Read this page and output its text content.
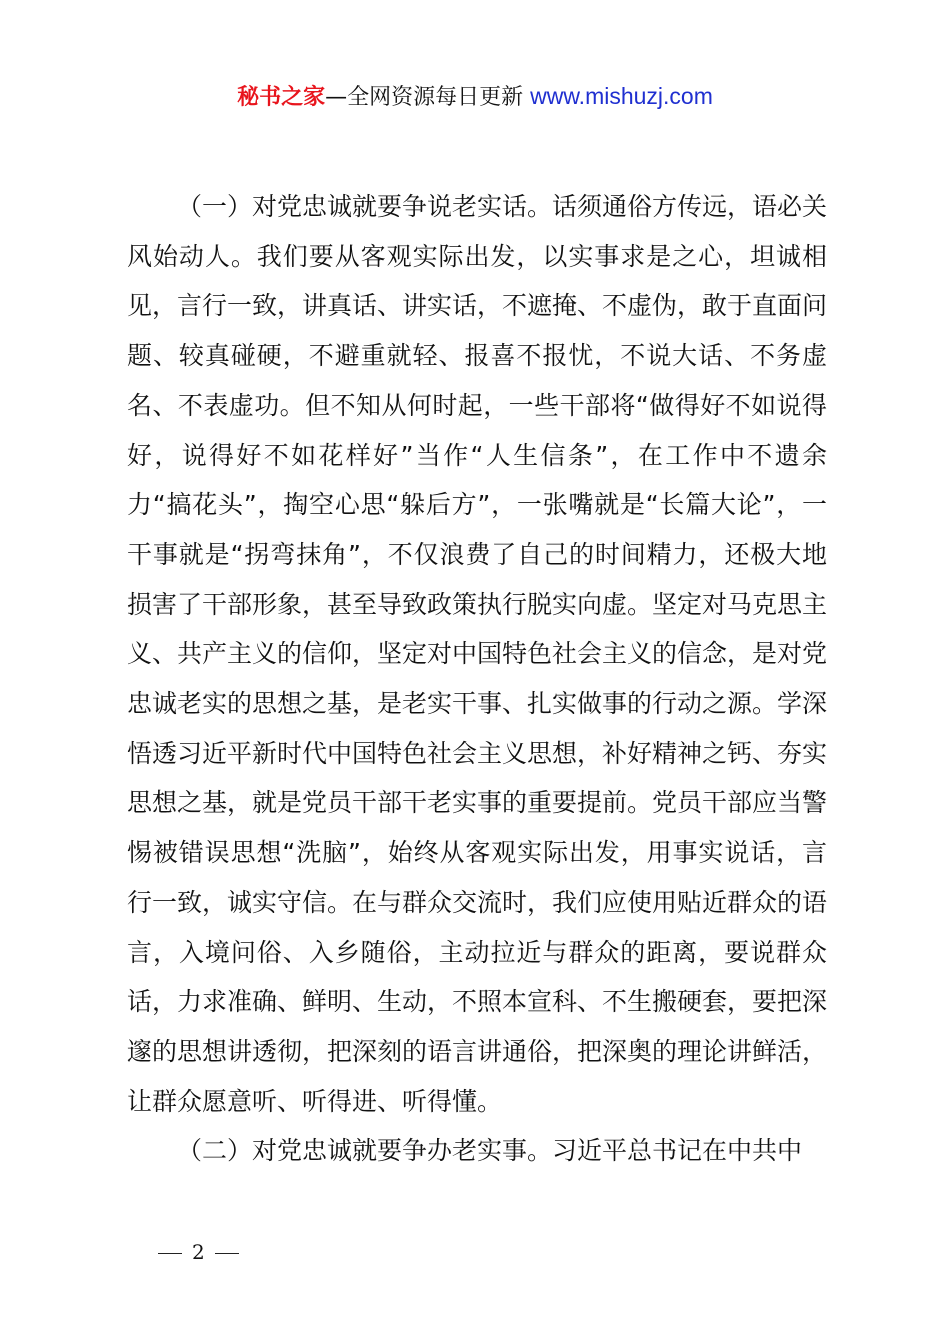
秘书之家—全网资源每日更新 www.mishuzj.com

（一）对党忠诚就要争说老实话。话须通俗方传远，语必关风始动人。我们要从客观实际出发，以实事求是之心，坦诚相见，言行一致，讲真话、讲实话，不遮掩、不虚伪，敢于直面问题、较真碰硬，不避重就轻、报喜不报忧，不说大话、不务虚名、不表虚功。但不知从何时起，一些干部将“做得好不如说得好，说得好不如花样好”当作“人生信条”，在工作中不遗余力“搞花头”，掏空心思“躲后方”，一张嘴就是“长篇大论”，一干事就是“拐弯抹角”，不仅浪费了自己的时间精力，还极大地损害了干部形象，甚至导致政策执行脱实向虚。坚定对马克思主义、共产主义的信仰，坚定对中国特色社会主义的信念，是对党忠诚老实的思想之基，是老实干事、扎实做事的行动之源。学深悟透习近平新时代中国特色社会主义思想，补好精神之钙、夯实思想之基，就是党员干部干老实事的重要提前。党员干部应当警惕被错误思想“洗脑”，始终从客观实际出发，用事实说话，言行一致，诚实守信。在与群众交流时，我们应使用贴近群众的语言，入境问俗、入乡随俗，主动拉近与群众的距离，要说群众话，力求准确、鲜明、生动，不照本宣科、不生搬硬套，要把深邃的思想讲透彻，把深刻的语言讲通俗，把深奥的理论讲鲜活，让群众愿意听、听得进、听得懂。

（二）对党忠诚就要争办老实事。习近平总书记在中共中

2
